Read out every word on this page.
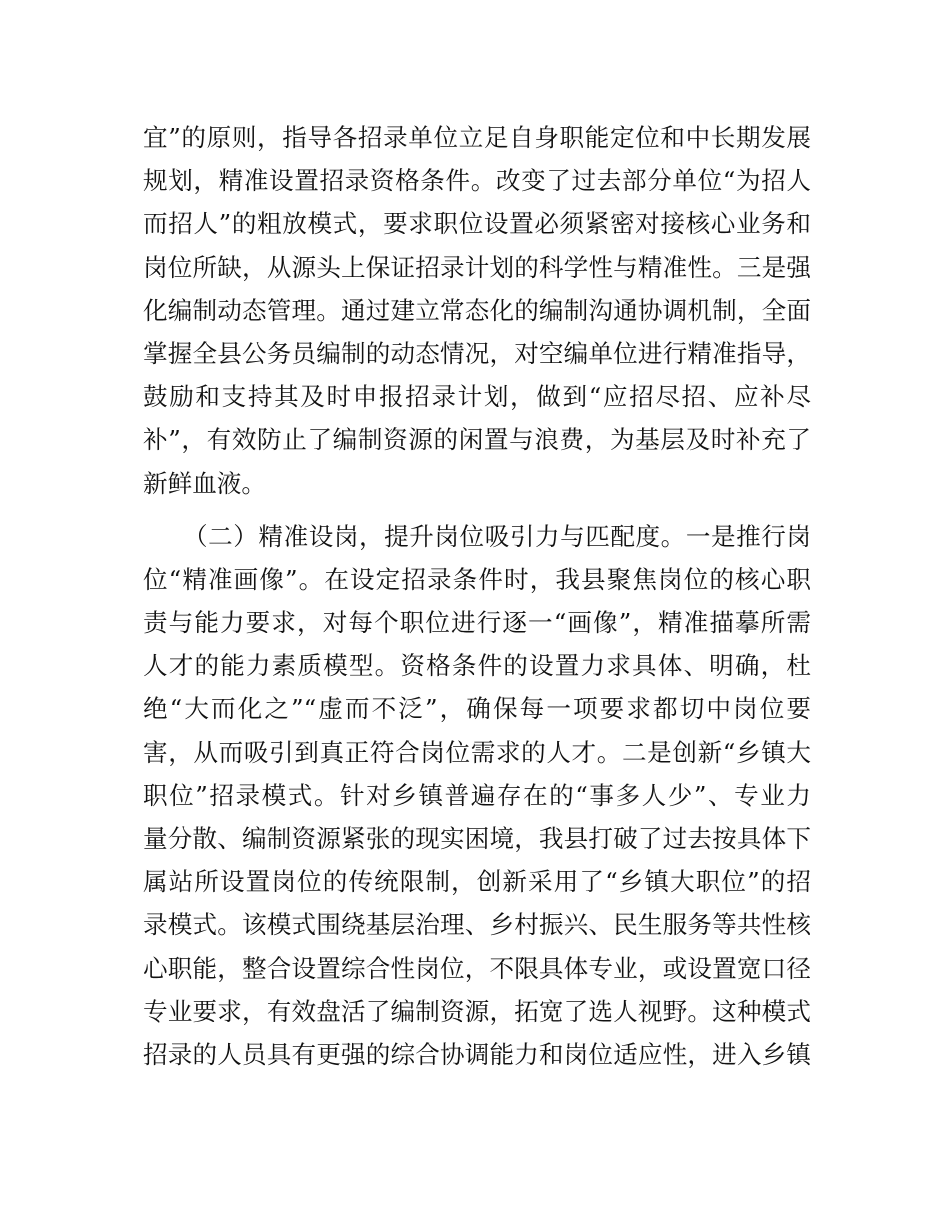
宜”的原则，指导各招录单位立足自身职能定位和中长期发展
规划，精准设置招录资格条件。改变了过去部分单位“为招人
而招人”的粗放模式，要求职位设置必须紧密对接核心业务和
岗位所缺，从源头上保证招录计划的科学性与精准性。三是强
化编制动态管理。通过建立常态化的编制沟通协调机制，全面
掌握全县公务员编制的动态情况，对空编单位进行精准指导，
鼓励和支持其及时申报招录计划，做到“应招尽招、应补尽
补”，有效防止了编制资源的闲置与浪费，为基层及时补充了
新鲜血液。
（二）精准设岗，提升岗位吸引力与匹配度。一是推行岗
位“精准画像”。在设定招录条件时，我县聚焦岗位的核心职
责与能力要求，对每个职位进行逐一“画像”，精准描摹所需
人才的能力素质模型。资格条件的设置力求具体、明确，杜
绝“大而化之”“虚而不泛”，确保每一项要求都切中岗位要
害，从而吸引到真正符合岗位需求的人才。二是创新“乡镇大
职位”招录模式。针对乡镇普遍存在的“事多人少”、专业力
量分散、编制资源紧张的现实困境，我县打破了过去按具体下
属站所设置岗位的传统限制，创新采用了“乡镇大职位”的招
录模式。该模式围绕基层治理、乡村振兴、民生服务等共性核
心职能，整合设置综合性岗位，不限具体专业，或设置宽口径
专业要求，有效盘活了编制资源，拓宽了选人视野。这种模式
招录的人员具有更强的综合协调能力和岗位适应性，进入乡镇
